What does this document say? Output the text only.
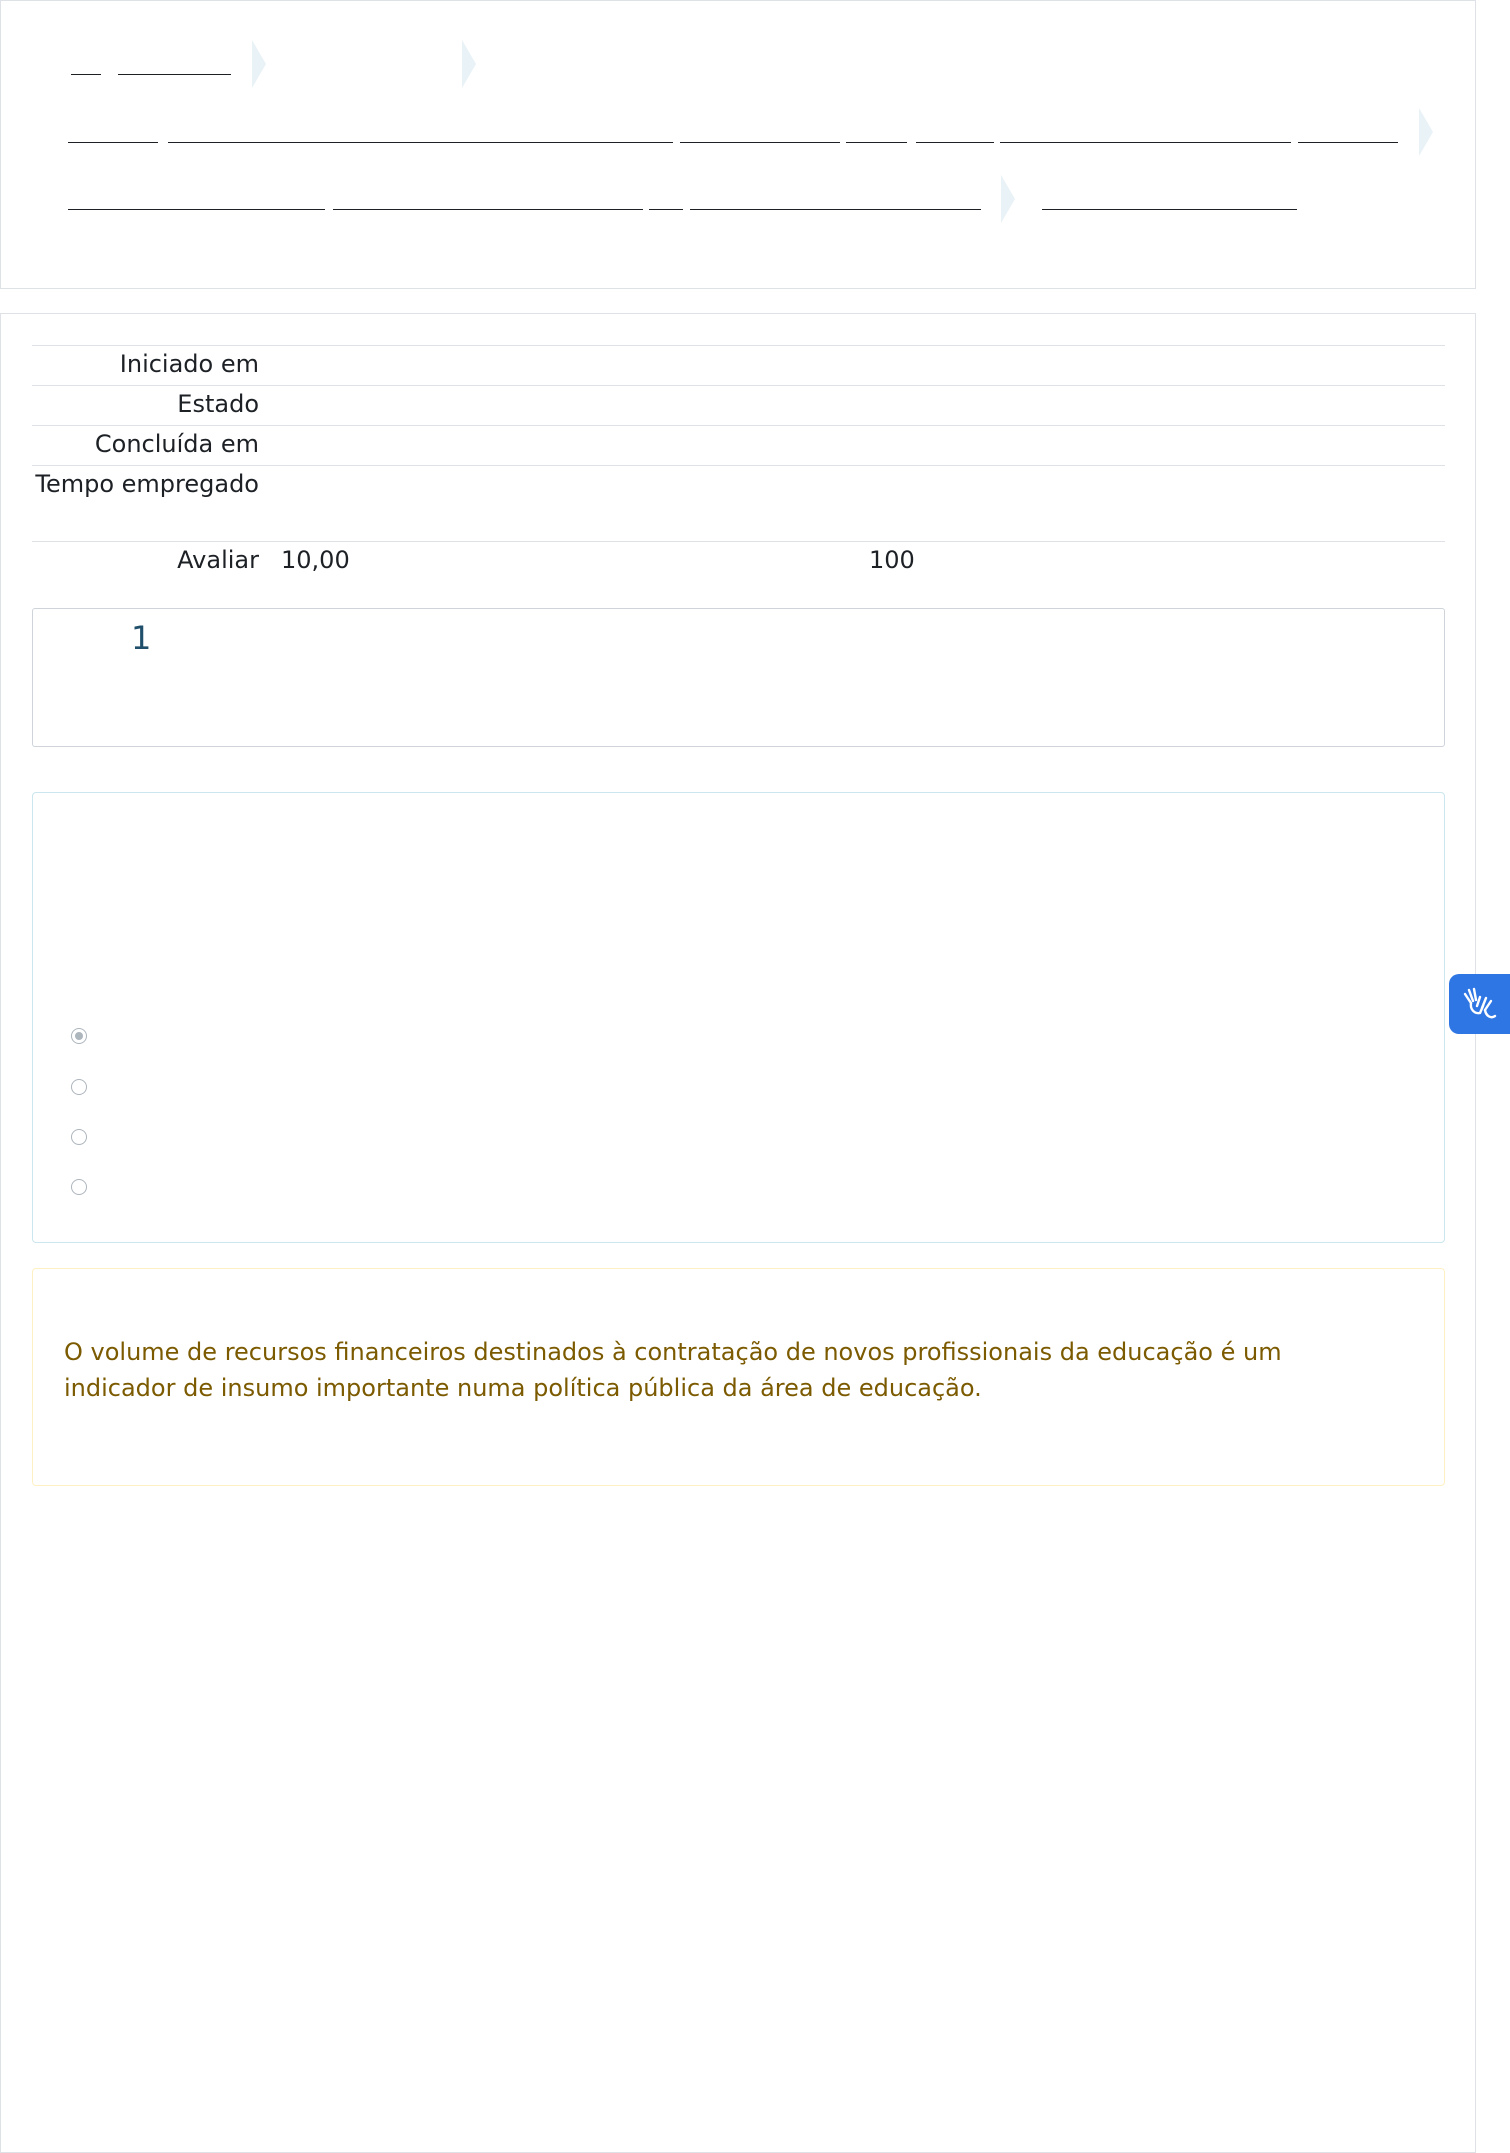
Iniciado em	
Estado	
Concluída em	
Tempo empregado	
Avaliar	10,00 100
1
O volume de recursos financeiros destinados à contratação de novos profissionais da educação é um indicador de insumo importante numa política pública da área de educação.
